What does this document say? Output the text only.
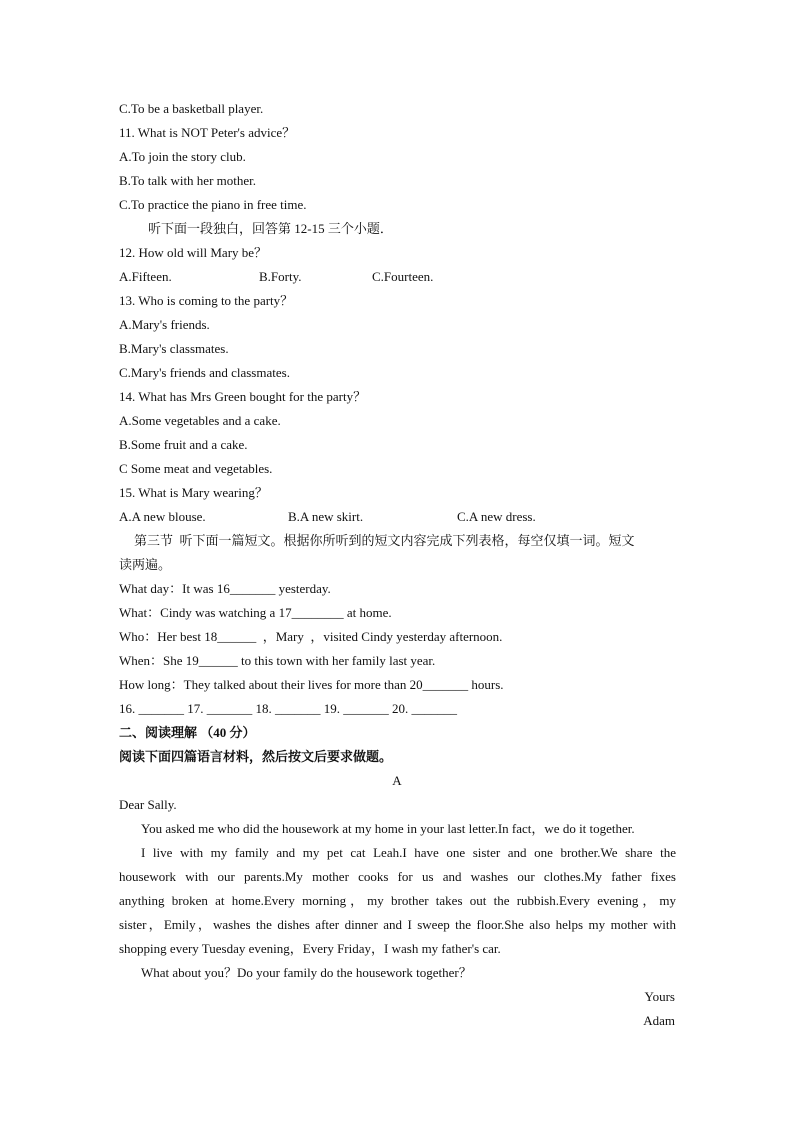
C.To be a basketball player.
11. What is NOT Peter's advice？
A.To join the story club.
B.To talk with her mother.
C.To practice the piano in free time.
听下面一段独白，回答第 12-15 三个小题．
12. How old will Mary be？
A.Fifteen.	B.Forty.	C.Fourteen.
13. Who is coming to the party？
A.Mary's friends.
B.Mary's classmates.
C.Mary's friends and classmates.
14. What has Mrs Green bought for the party？
A.Some vegetables and a cake.
B.Some fruit and a cake.
C Some meat and vegetables.
15. What is Mary wearing？
A.A new blouse.	B.A new skirt.	C.A new dress.
第三节  听下面一篇短文。根据你所听到的短文内容完成下列表格，每空仅填一词。短文
读两遍。
What day：It was 16_______ yesterday.
What：Cindy was watching a 17________ at home.
Who：Her best 18______  ，Mary  ，visited Cindy yesterday afternoon.
When：She 19______ to this town with her family last year.
How long：They talked about their lives for more than 20_______ hours.
16. _______ 17. _______ 18. _______ 19. _______ 20. _______
二、阅读理解 （40 分）
阅读下面四篇语言材料，然后按文后要求做题。
A
Dear Sally.
You asked me who did the housework at my home in your last letter.In fact，we do it together.
I live with my family and my pet cat Leah.I have one sister and one brother.We share the
housework with our parents.My mother cooks for us and washes our clothes.My father fixes
anything broken at home.Every morning，my brother takes out the rubbish.Every evening，my
sister，Emily，washes the dishes after dinner and I sweep the floor.She also helps my mother with
shopping every Tuesday evening，Every Friday，I wash my father's car.
What about you？Do your family do the housework together？
Yours
Adam
